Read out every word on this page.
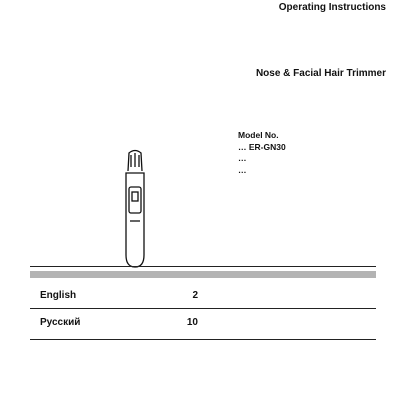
Operating Instructions
Nose & Facial Hair Trimmer
Model No.
… ER-GN30
…
…
English	2
Русский	10
